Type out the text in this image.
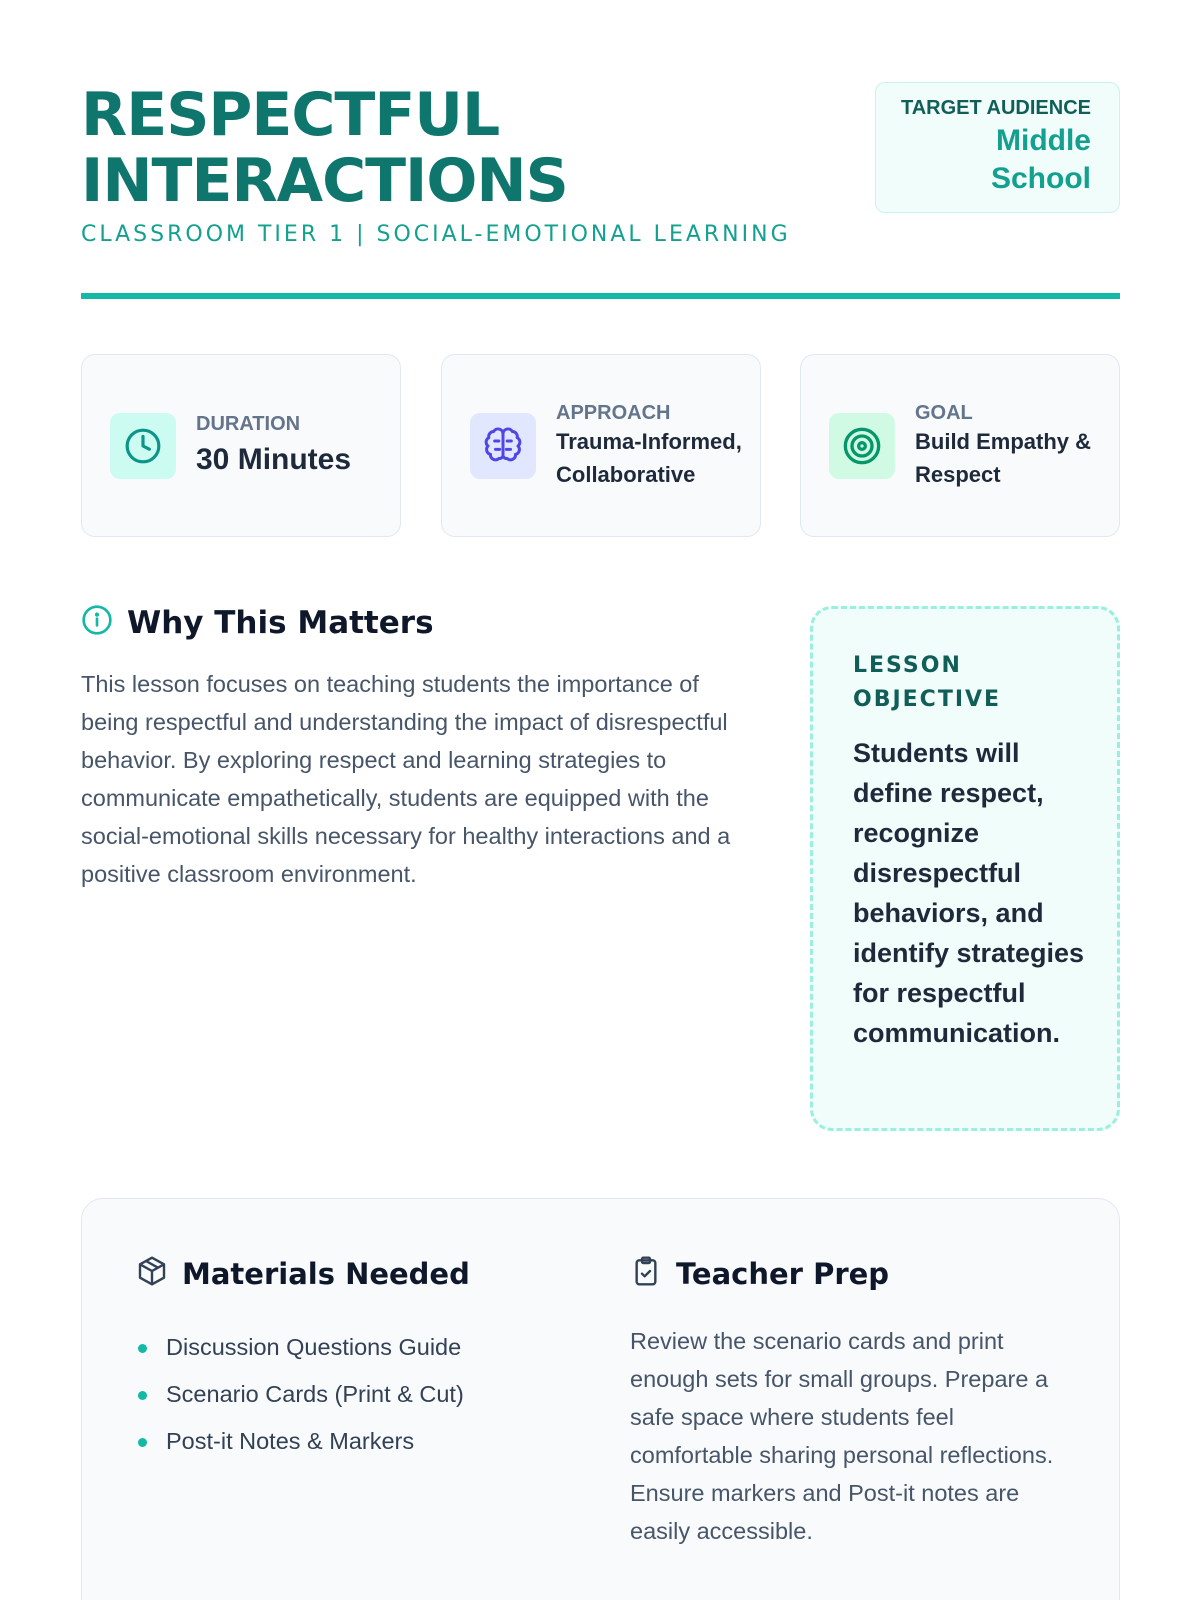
RESPECTFUL
INTERACTIONS
CLASSROOM TIER 1 | SOCIAL-EMOTIONAL LEARNING
TARGET AUDIENCE
Middle
School
DURATION
30 Minutes
APPROACH
Trauma-Informed, Collaborative
GOAL
Build Empathy & Respect
Why This Matters
This lesson focuses on teaching students the importance of being respectful and understanding the impact of disrespectful behavior. By exploring respect and learning strategies to communicate empathetically, students are equipped with the social-emotional skills necessary for healthy interactions and a positive classroom environment.
LESSON OBJECTIVE
Students will define respect, recognize disrespectful behaviors, and identify strategies for respectful communication.
Materials Needed
Discussion Questions Guide
Scenario Cards (Print & Cut)
Post-it Notes & Markers
Teacher Prep
Review the scenario cards and print enough sets for small groups. Prepare a safe space where students feel comfortable sharing personal reflections. Ensure markers and Post-it notes are easily accessible.
